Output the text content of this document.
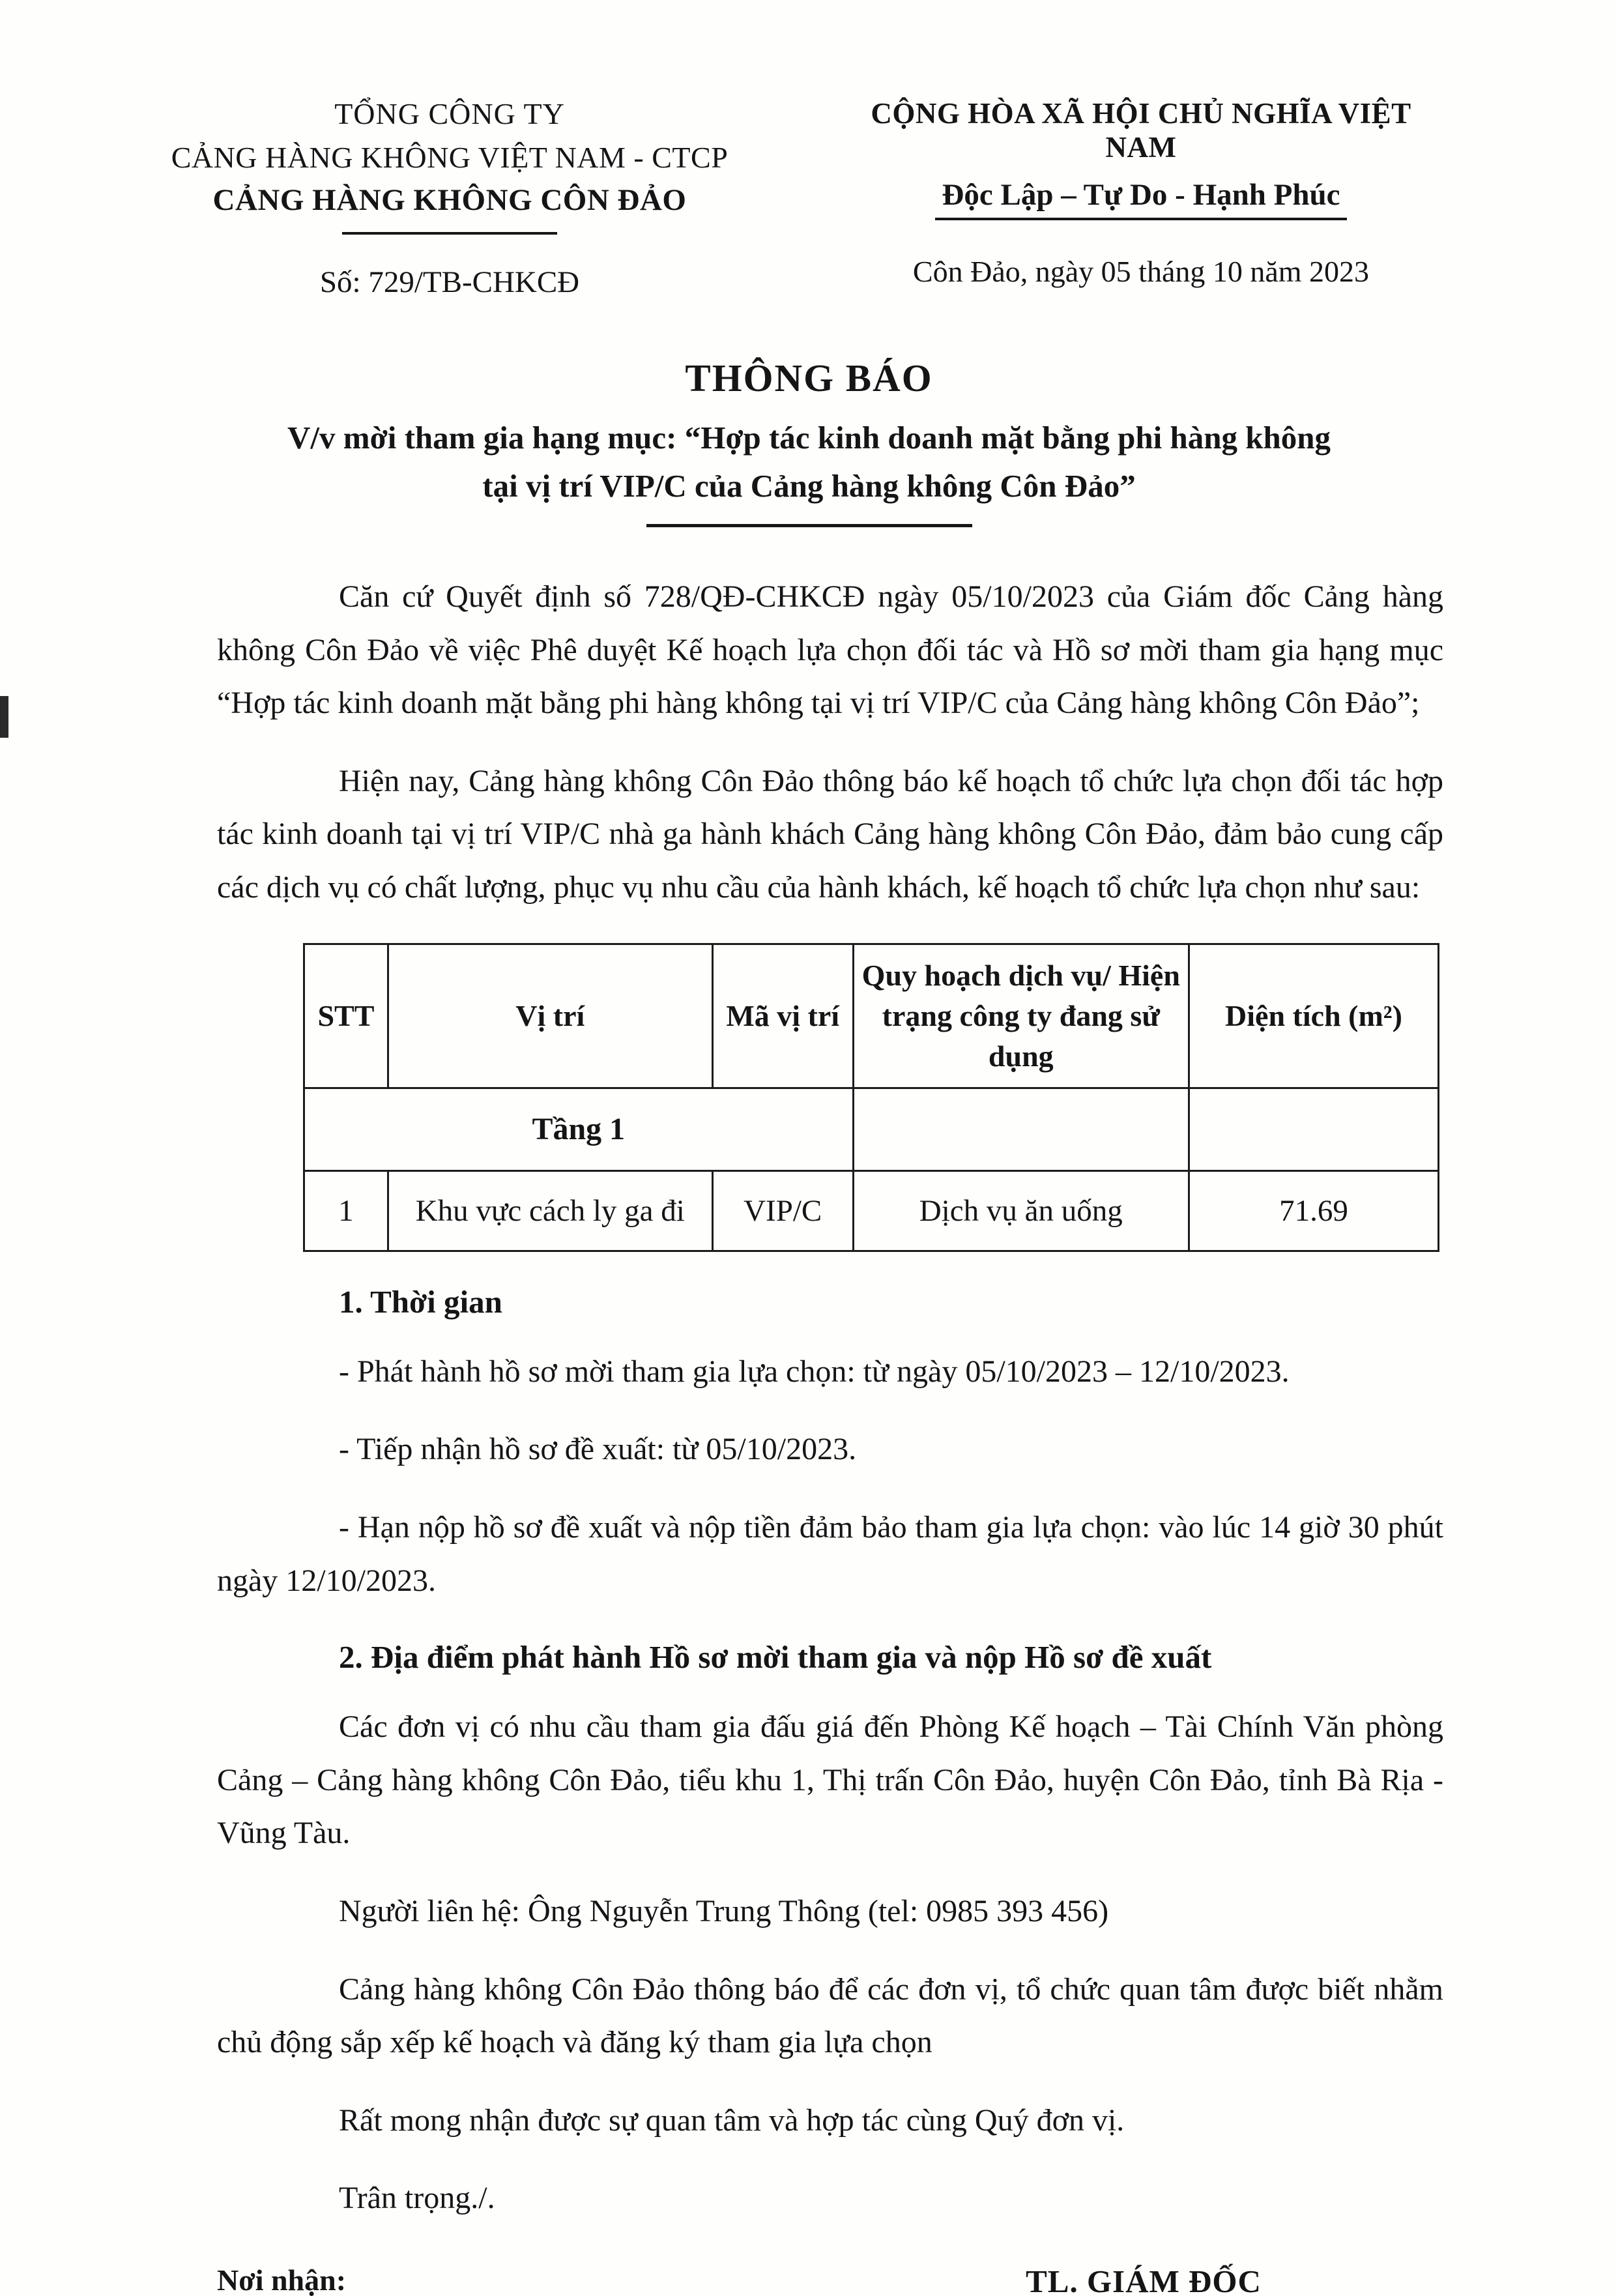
TỔNG CÔNG TY
CẢNG HÀNG KHÔNG VIỆT NAM - CTCP
CẢNG HÀNG KHÔNG CÔN ĐẢO
Số: 729/TB-CHKCĐ
CỘNG HÒA XÃ HỘI CHỦ NGHĨA VIỆT NAM
Độc Lập – Tự Do - Hạnh Phúc
Côn Đảo, ngày 05 tháng 10 năm 2023
THÔNG BÁO
V/v mời tham gia hạng mục: “Hợp tác kinh doanh mặt bằng phi hàng không tại vị trí VIP/C của Cảng hàng không Côn Đảo”
Căn cứ Quyết định số 728/QĐ-CHKCĐ ngày 05/10/2023 của Giám đốc Cảng hàng không Côn Đảo về việc Phê duyệt Kế hoạch lựa chọn đối tác và Hồ sơ mời tham gia hạng mục “Hợp tác kinh doanh mặt bằng phi hàng không tại vị trí VIP/C của Cảng hàng không Côn Đảo”;
Hiện nay, Cảng hàng không Côn Đảo thông báo kế hoạch tổ chức lựa chọn đối tác hợp tác kinh doanh tại vị trí VIP/C nhà ga hành khách Cảng hàng không Côn Đảo, đảm bảo cung cấp các dịch vụ có chất lượng, phục vụ nhu cầu của hành khách, kế hoạch tổ chức lựa chọn như sau:
STT	Vị trí	Mã vị trí	Quy hoạch dịch vụ/ Hiện trạng công ty đang sử dụng	Diện tích (m²)
Tầng 1				
1	Khu vực cách ly ga đi	VIP/C	Dịch vụ ăn uống	71.69
1. Thời gian
- Phát hành hồ sơ mời tham gia lựa chọn: từ ngày 05/10/2023 – 12/10/2023.
- Tiếp nhận hồ sơ đề xuất: từ 05/10/2023.
- Hạn nộp hồ sơ đề xuất và nộp tiền đảm bảo tham gia lựa chọn: vào lúc 14 giờ 30 phút ngày 12/10/2023.
2. Địa điểm phát hành Hồ sơ mời tham gia và nộp Hồ sơ đề xuất
Các đơn vị có nhu cầu tham gia đấu giá đến Phòng Kế hoạch – Tài Chính Văn phòng Cảng – Cảng hàng không Côn Đảo, tiểu khu 1, Thị trấn Côn Đảo, huyện Côn Đảo, tỉnh Bà Rịa - Vũng Tàu.
Người liên hệ: Ông Nguyễn Trung Thông (tel: 0985 393 456)
Cảng hàng không Côn Đảo thông báo để các đơn vị, tổ chức quan tâm được biết nhằm chủ động sắp xếp kế hoạch và đăng ký tham gia lựa chọn
Rất mong nhận được sự quan tâm và hợp tác cùng Quý đơn vị.
Trân trọng./.
Nơi nhận:	TL. GIÁM ĐỐC
